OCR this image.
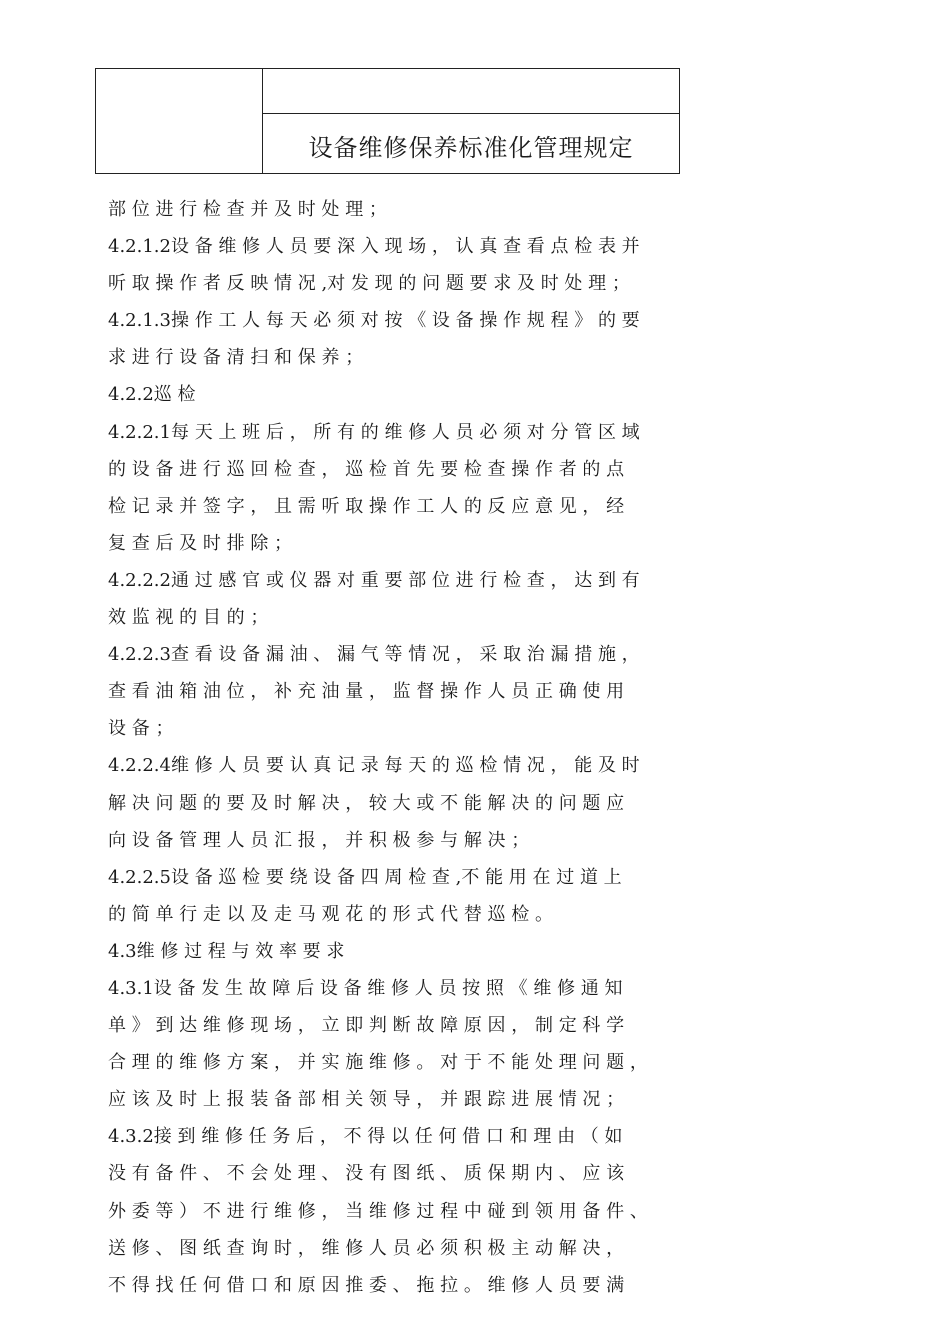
设备维修保养标准化管理规定
部 位 进 行 检 查 并 及 时 处 理 ；
4.2.1.2设 备 维 修 人 员 要 深 入 现 场 ， 认 真 查 看 点 检 表 并
听 取 操 作 者 反 映 情 况 ,对 发 现 的 问 题 要 求 及 时 处 理 ；
4.2.1.3操 作 工 人 每 天 必 须 对 按 《 设 备 操 作 规 程 》 的 要
求 进 行 设 备 清 扫 和 保 养 ；
4.2.2巡 检
4.2.2.1每 天 上 班 后 ， 所 有 的 维 修 人 员 必 须 对 分 管 区 域
的 设 备 进 行 巡 回 检 查 ， 巡 检 首 先 要 检 查 操 作 者 的 点
检 记 录 并 签 字 ， 且 需 听 取 操 作 工 人 的 反 应 意 见 ， 经
复 查 后 及 时 排 除 ；
4.2.2.2通 过 感 官 或 仪 器 对 重 要 部 位 进 行 检 查 ， 达 到 有
效 监 视 的 目 的 ；
4.2.2.3查 看 设 备 漏 油 、 漏 气 等 情 况 ， 采 取 治 漏 措 施 ，
查 看 油 箱 油 位 ， 补 充 油 量 ， 监 督 操 作 人 员 正 确 使 用
设 备 ；
4.2.2.4维 修 人 员 要 认 真 记 录 每 天 的 巡 检 情 况 ， 能 及 时
解 决 问 题 的 要 及 时 解 决 ， 较 大 或 不 能 解 决 的 问 题 应
向 设 备 管 理 人 员 汇 报 ， 并 积 极 参 与 解 决 ；
4.2.2.5设 备 巡 检 要 绕 设 备 四 周 检 查 ,不 能 用 在 过 道 上
的 简 单 行 走 以 及 走 马 观 花 的 形 式 代 替 巡 检 。
4.3维 修 过 程 与 效 率 要 求
4.3.1设 备 发 生 故 障 后 设 备 维 修 人 员 按 照 《 维 修 通 知
单 》 到 达 维 修 现 场 ， 立 即 判 断 故 障 原 因 ， 制 定 科 学
合 理 的 维 修 方 案 ， 并 实 施 维 修 。 对 于 不 能 处 理 问 题 ，
应 该 及 时 上 报 装 备 部 相 关 领 导 ， 并 跟 踪 进 展 情 况 ；
4.3.2接 到 维 修 任 务 后 ， 不 得 以 任 何 借 口 和 理 由 （ 如
没 有 备 件 、 不 会 处 理 、 没 有 图 纸 、 质 保 期 内 、 应 该
外 委 等 ） 不 进 行 维 修 ， 当 维 修 过 程 中 碰 到 领 用 备 件 、
送 修 、 图 纸 查 询 时 ， 维 修 人 员 必 须 积 极 主 动 解 决 ，
不 得 找 任 何 借 口 和 原 因 推 委 、 拖 拉 。 维 修 人 员 要 满
